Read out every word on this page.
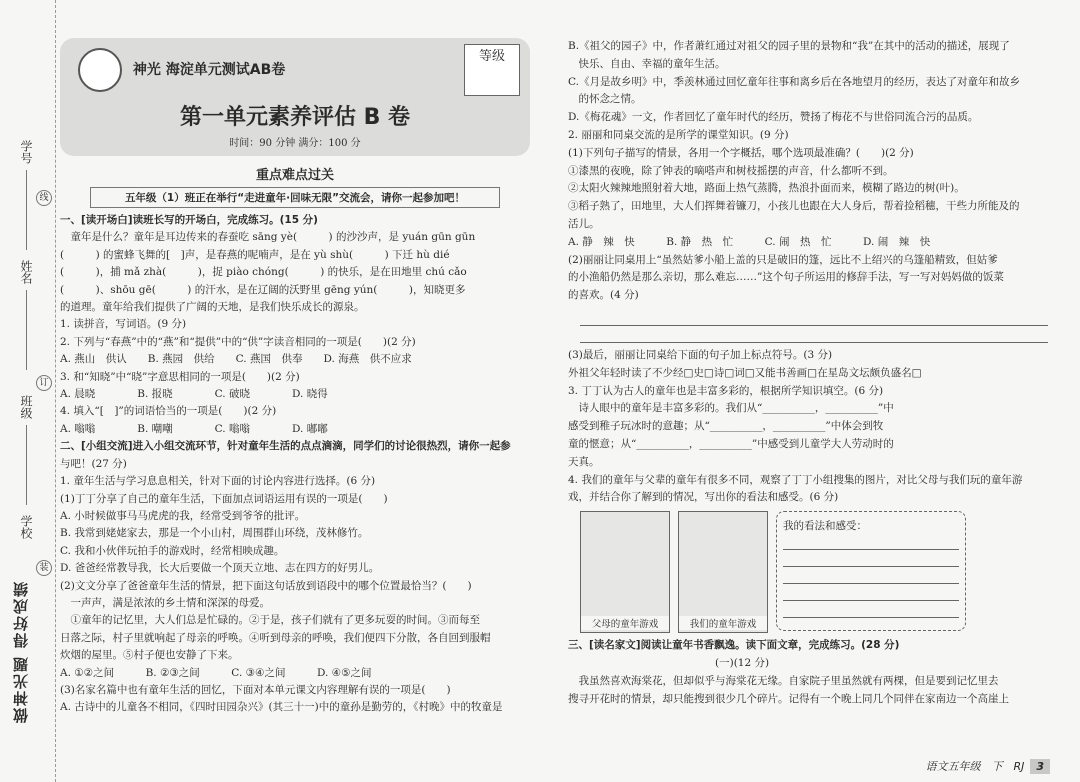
学号
线
姓名
订
班级
学校
装
做神光题 得好成绩
神光 海淀单元测试AB卷
等级
第一单元素养评估 B 卷
时间：90 分钟 满分：100 分
重点难点过关
五年级（1）班正在举行“走进童年·回味无限”交流会，请你一起参加吧！
一、[读开场白]读班长写的开场白，完成练习。(15 分)
　童年是什么？童年是耳边传来的春蚕吃 sāng yè(　　　) 的沙沙声，是 yuán gūn gūn
(　　　) 的蜜蜂飞舞的[　]声，是春燕的呢喃声，是在 yù shù(　　　) 下迁 hù dié
(　　　)，捕 mǎ zhà(　　　)，捉 piào chóng(　　　) 的快乐，是在田地里 chú cǎo
(　　　)、shōu gē(　　　) 的汗水，是在辽阔的沃野里 gēng yún(　　　)，知晓更多
的道理。童年给我们提供了广阔的天地，是我们快乐成长的源泉。
1. 读拼音，写词语。(9 分)
2. 下列与“春燕”中的“燕”和“提供”中的“供”字读音相同的一项是(　　)(2 分)
A. 燕山　供认　　B. 燕园　供给　　C. 燕国　供奉　　D. 海燕　供不应求
3. 和“知晓”中“晓”字意思相同的一项是(　　)(2 分)
A. 晨晓　　　　B. 报晓　　　　C. 破晓　　　　D. 晓得
4. 填入“[　]”的词语恰当的一项是(　　)(2 分)
A. 嗡嗡　　　　B. 嘲嘲　　　　C. 嗡嗡　　　　D. 嘟嘟
二、[小组交流]进入小组交流环节，针对童年生活的点点滴滴，同学们的讨论很热烈，请你一起参
与吧！(27 分)
1. 童年生活与学习息息相关，针对下面的讨论内容进行选择。(6 分)
(1)丁丁分享了自己的童年生活，下面加点词语运用有误的一项是(　　)
A. 小时候做事马马虎虎的我，经常受到爷爷的批评。
B. 我常到姥姥家去，那是一个小山村，周围群山环绕，茂林修竹。
C. 我和小伙伴玩拍手的游戏时，经常相映成趣。
D. 爸爸经常教导我，长大后要做一个顶天立地、志在四方的好男儿。
(2)文文分享了爸爸童年生活的情景，把下面这句话放到语段中的哪个位置最恰当？(　　)
　一声声，满是浓浓的乡土情和深深的母爱。
　①童年的记忆里，大人们总是忙碌的。②于是，孩子们就有了更多玩耍的时间。③而每至
日落之际，村子里就响起了母亲的呼唤。④听到母亲的呼唤，我们便四下分散，各自回到服帽
炊烟的屋里。⑤村子便也安静了下来。
A. ①②之间　　　B. ②③之间　　　C. ③④之间　　　D. ④⑤之间
(3)名家名篇中也有童年生活的回忆，下面对本单元课文内容理解有误的一项是(　　)
A. 古诗中的儿童各不相同，《四时田园杂兴》(其三十一)中的童孙是勤劳的，《村晚》中的牧童是
B.《祖父的园子》中，作者萧红通过对祖父的园子里的景物和“我”在其中的活动的描述，展现了
　快乐、自由、幸福的童年生活。
C.《月是故乡明》中，季羡林通过回忆童年往事和离乡后在各地望月的经历，表达了对童年和故乡
　的怀念之情。
D.《梅花魂》一文，作者回忆了童年时代的经历，赞扬了梅花不与世俗同流合污的品质。
2. 丽丽和同桌交流的是所学的课堂知识。(9 分)
(1)下列句子描写的情景，各用一个字概括，哪个选项最准确？(　　)(2 分)
①漆黑的夜晚，除了钟表的嘀嗒声和树枝摇摆的声音，什么都听不到。
②太阳火辣辣地照射着大地，路面上热气蒸腾，热浪扑面而来，模糊了路边的树(叶)。
③稻子熟了，田地里，大人们挥舞着镰刀，小孩儿也跟在大人身后，帮着捡稻穗，干些力所能及的
活儿。
A. 静　辣　快　　　B. 静　热　忙　　　C. 闹　热　忙　　　D. 闹　辣　快
(2)丽丽让同桌用上“虽然姑爹小船上盖的只是破旧的篷，远比不上绍兴的乌篷船精致，但姑爹
的小渔船仍然是那么亲切，那么难忘……”这个句子所运用的修辞手法，写一写对妈妈做的饭菜
的喜欢。(4 分)
(3)最后，丽丽让同桌给下面的句子加上标点符号。(3 分)
外祖父年轻时读了不少经□史□诗□词□又能书善画□在星岛文坛颇负盛名□
3. 丁丁认为古人的童年也是丰富多彩的，根据所学知识填空。(6 分)
　诗人眼中的童年是丰富多彩的。我们从“__________，__________”中
感受到稚子玩冰时的意趣；从“__________，__________”中体会到牧
童的惬意；从“__________，__________”中感受到儿童学大人劳动时的
天真。
4. 我们的童年与父辈的童年有很多不同，观察了丁丁小组搜集的图片，对比父母与我们玩的童年游
戏，并结合你了解到的情况，写出你的看法和感受。(6 分)
父母的童年游戏	我们的童年游戏
我的看法和感受：
三、[读名家文]阅读让童年书香飘逸。读下面文章，完成练习。(28 分)
　　　　　　　　　　　　　　(一)(12 分)
　我虽然喜欢海棠花，但却似乎与海棠花无缘。自家院子里虽然就有两棵，但是要到记忆里去
搜寻开花时的情景，却只能搜到很少几个碎片。记得有一个晚上同几个同伴在家南边一个高崖上
语文五年级　下　RJ 3
